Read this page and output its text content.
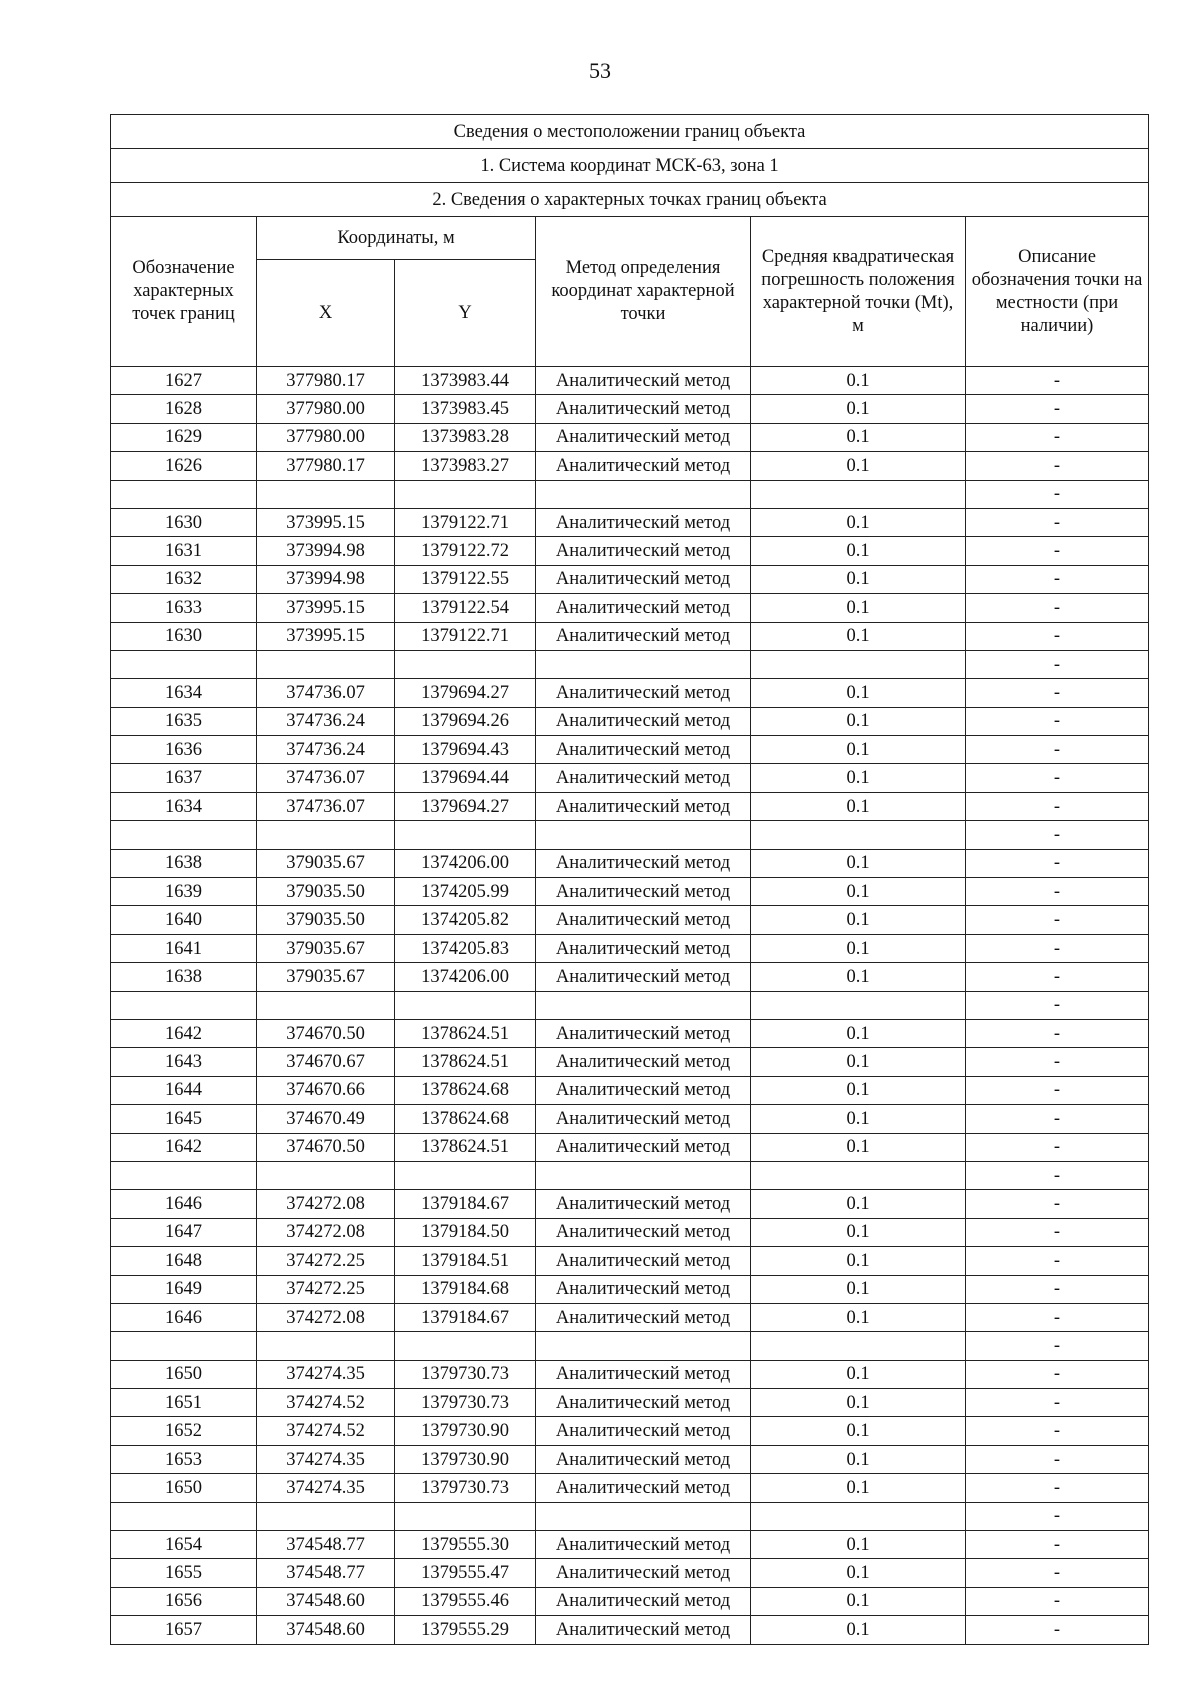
53
Сведения о местоположении границ объекта					
1. Система координат МСК-63, зона 1					
2. Сведения о характерных точках границ объекта					
Обозначение характерных точек границ	Координаты, м		Метод определения координат характерной точки	Средняя квадратическая погрешность положения характерной точки (Mt), м	Описание обозначения точки на местности (при наличии)
	X	Y			
1627	377980.17	1373983.44	Аналитический метод	0.1	-
1628	377980.00	1373983.45	Аналитический метод	0.1	-
1629	377980.00	1373983.28	Аналитический метод	0.1	-
1626	377980.17	1373983.27	Аналитический метод	0.1	-
					-
1630	373995.15	1379122.71	Аналитический метод	0.1	-
1631	373994.98	1379122.72	Аналитический метод	0.1	-
1632	373994.98	1379122.55	Аналитический метод	0.1	-
1633	373995.15	1379122.54	Аналитический метод	0.1	-
1630	373995.15	1379122.71	Аналитический метод	0.1	-
					-
1634	374736.07	1379694.27	Аналитический метод	0.1	-
1635	374736.24	1379694.26	Аналитический метод	0.1	-
1636	374736.24	1379694.43	Аналитический метод	0.1	-
1637	374736.07	1379694.44	Аналитический метод	0.1	-
1634	374736.07	1379694.27	Аналитический метод	0.1	-
					-
1638	379035.67	1374206.00	Аналитический метод	0.1	-
1639	379035.50	1374205.99	Аналитический метод	0.1	-
1640	379035.50	1374205.82	Аналитический метод	0.1	-
1641	379035.67	1374205.83	Аналитический метод	0.1	-
1638	379035.67	1374206.00	Аналитический метод	0.1	-
					-
1642	374670.50	1378624.51	Аналитический метод	0.1	-
1643	374670.67	1378624.51	Аналитический метод	0.1	-
1644	374670.66	1378624.68	Аналитический метод	0.1	-
1645	374670.49	1378624.68	Аналитический метод	0.1	-
1642	374670.50	1378624.51	Аналитический метод	0.1	-
					-
1646	374272.08	1379184.67	Аналитический метод	0.1	-
1647	374272.08	1379184.50	Аналитический метод	0.1	-
1648	374272.25	1379184.51	Аналитический метод	0.1	-
1649	374272.25	1379184.68	Аналитический метод	0.1	-
1646	374272.08	1379184.67	Аналитический метод	0.1	-
					-
1650	374274.35	1379730.73	Аналитический метод	0.1	-
1651	374274.52	1379730.73	Аналитический метод	0.1	-
1652	374274.52	1379730.90	Аналитический метод	0.1	-
1653	374274.35	1379730.90	Аналитический метод	0.1	-
1650	374274.35	1379730.73	Аналитический метод	0.1	-
					-
1654	374548.77	1379555.30	Аналитический метод	0.1	-
1655	374548.77	1379555.47	Аналитический метод	0.1	-
1656	374548.60	1379555.46	Аналитический метод	0.1	-
1657	374548.60	1379555.29	Аналитический метод	0.1	-
